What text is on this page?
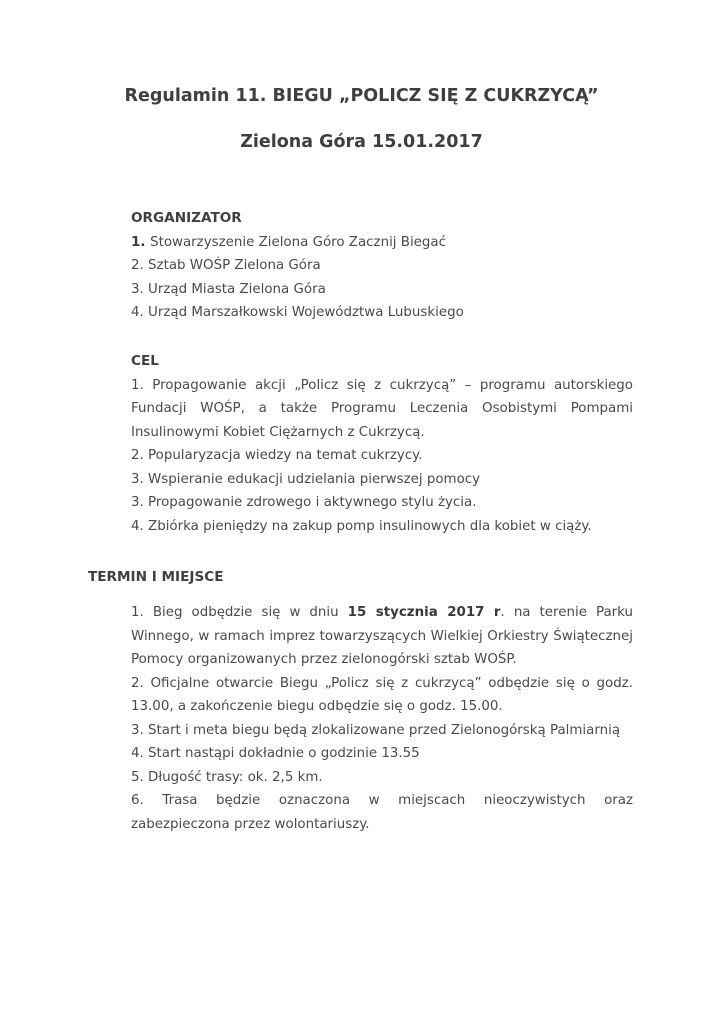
Regulamin 11. BIEGU „POLICZ SIĘ Z CUKRZYCĄ”
Zielona Góra 15.01.2017
ORGANIZATOR
1. Stowarzyszenie Zielona Góro Zacznij Biegać
2. Sztab WOŚP Zielona Góra
3. Urząd Miasta Zielona Góra
4. Urząd Marszałkowski Województwa Lubuskiego
CEL
1. Propagowanie akcji „Policz się z cukrzycą” – programu autorskiego
Fundacji WOŚP, a także Programu Leczenia Osobistymi Pompami
Insulinowymi Kobiet Ciężarnych z Cukrzycą.
2. Popularyzacja wiedzy na temat cukrzycy.
3. Wspieranie edukacji udzielania pierwszej pomocy
3. Propagowanie zdrowego i aktywnego stylu życia.
4. Zbiórka pieniędzy na zakup pomp insulinowych dla kobiet w ciąży.
TERMIN I MIEJSCE
1. Bieg odbędzie się w dniu 15 stycznia 2017 r. na terenie Parku
Winnego, w ramach imprez towarzyszących Wielkiej Orkiestry Świątecznej
Pomocy organizowanych przez zielonogórski sztab WOŚP.
2. Oficjalne otwarcie Biegu „Policz się z cukrzycą” odbędzie się o godz.
13.00, a zakończenie biegu odbędzie się o godz. 15.00.
3. Start i meta biegu będą zlokalizowane przed Zielonogórską Palmiarnią
4. Start nastąpi dokładnie o godzinie 13.55
5. Długość trasy: ok. 2,5 km.
6. Trasa będzie oznaczona w miejscach nieoczywistych oraz
zabezpieczona przez wolontariuszy.
